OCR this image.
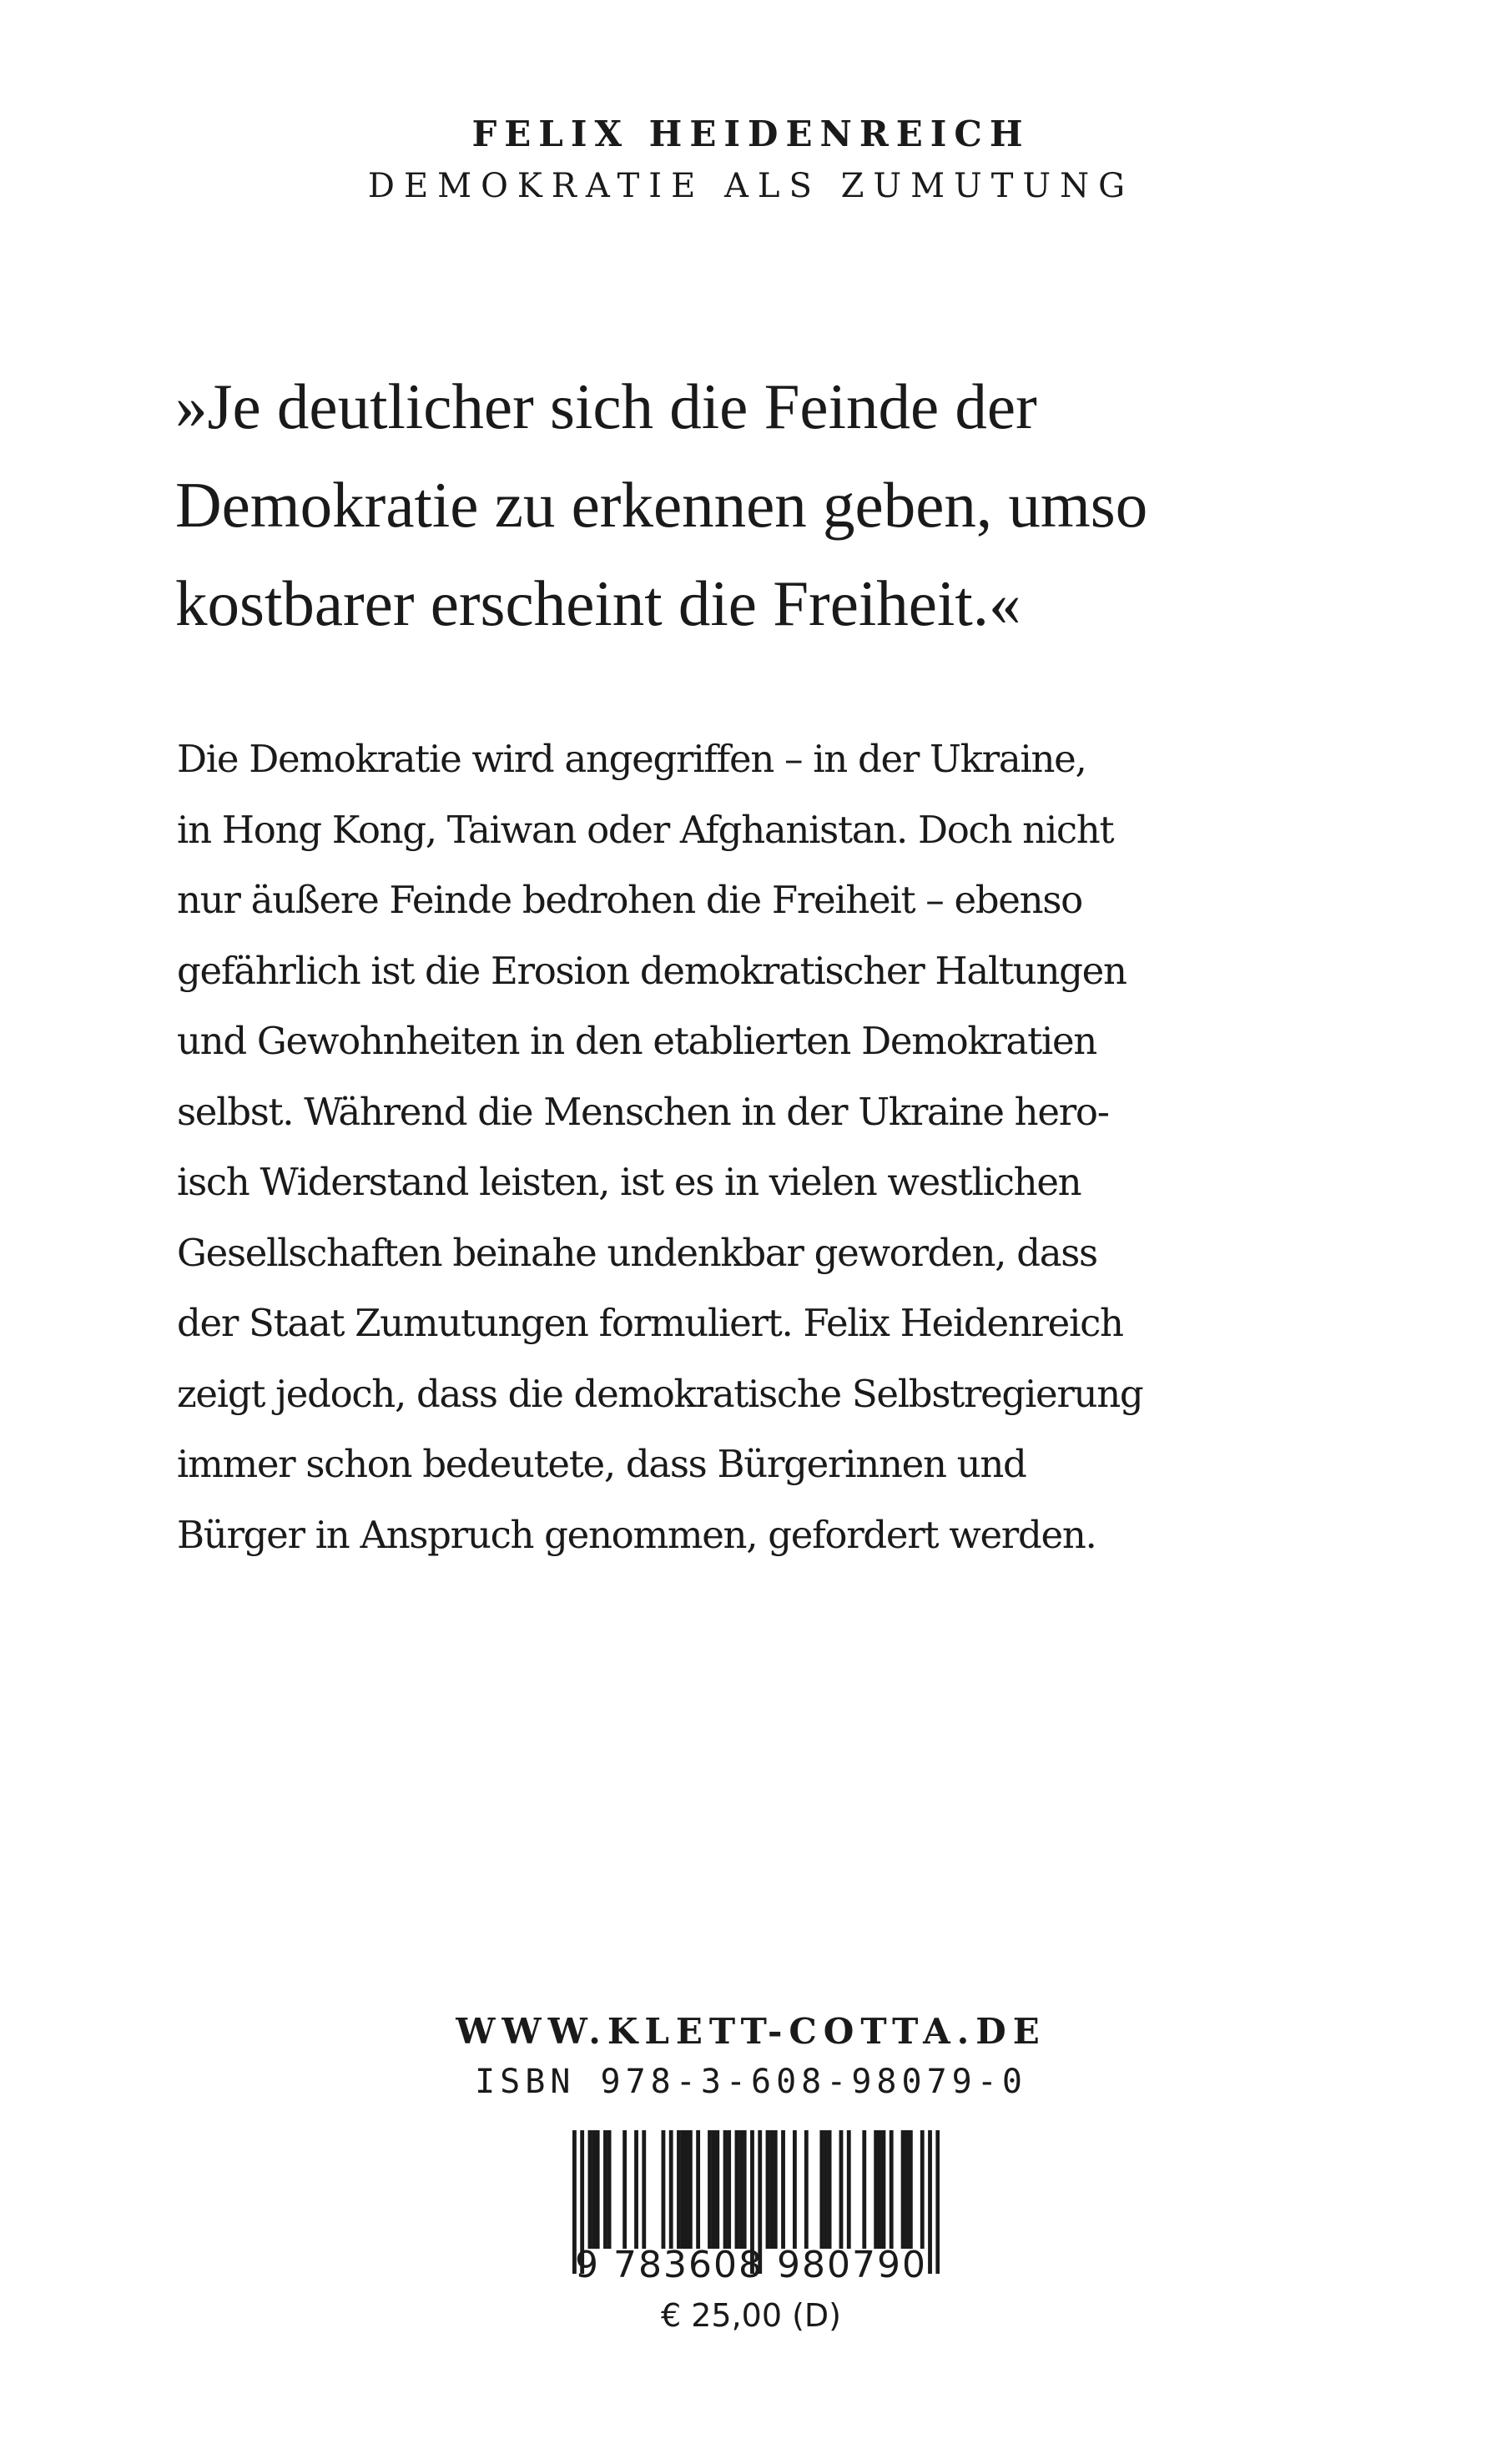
FELIX HEIDENREICH
DEMOKRATIE ALS ZUMUTUNG
»Je deutlicher sich die Feinde der
Demokratie zu erkennen geben, umso
kostbarer erscheint die Freiheit.«
Die Demokratie wird angegriffen – in der Ukraine,
in Hong Kong, Taiwan oder Afghanistan. Doch nicht
nur äußere Feinde bedrohen die Freiheit – ebenso
gefährlich ist die Erosion demokratischer Haltungen
und Gewohnheiten in den etablierten Demokratien
selbst. Während die Menschen in der Ukraine hero-
isch Widerstand leisten, ist es in vielen westlichen
Gesellschaften beinahe undenkbar geworden, dass
der Staat Zumutungen formuliert. Felix Heidenreich
zeigt jedoch, dass die demokratische Selbstregierung
immer schon bedeutete, dass Bürgerinnen und
Bürger in Anspruch genommen, gefordert werden.
WWW.KLETT-COTTA.DE
ISBN 978-3-608-98079-0
9 783608 980790
€ 25,00 (D)
